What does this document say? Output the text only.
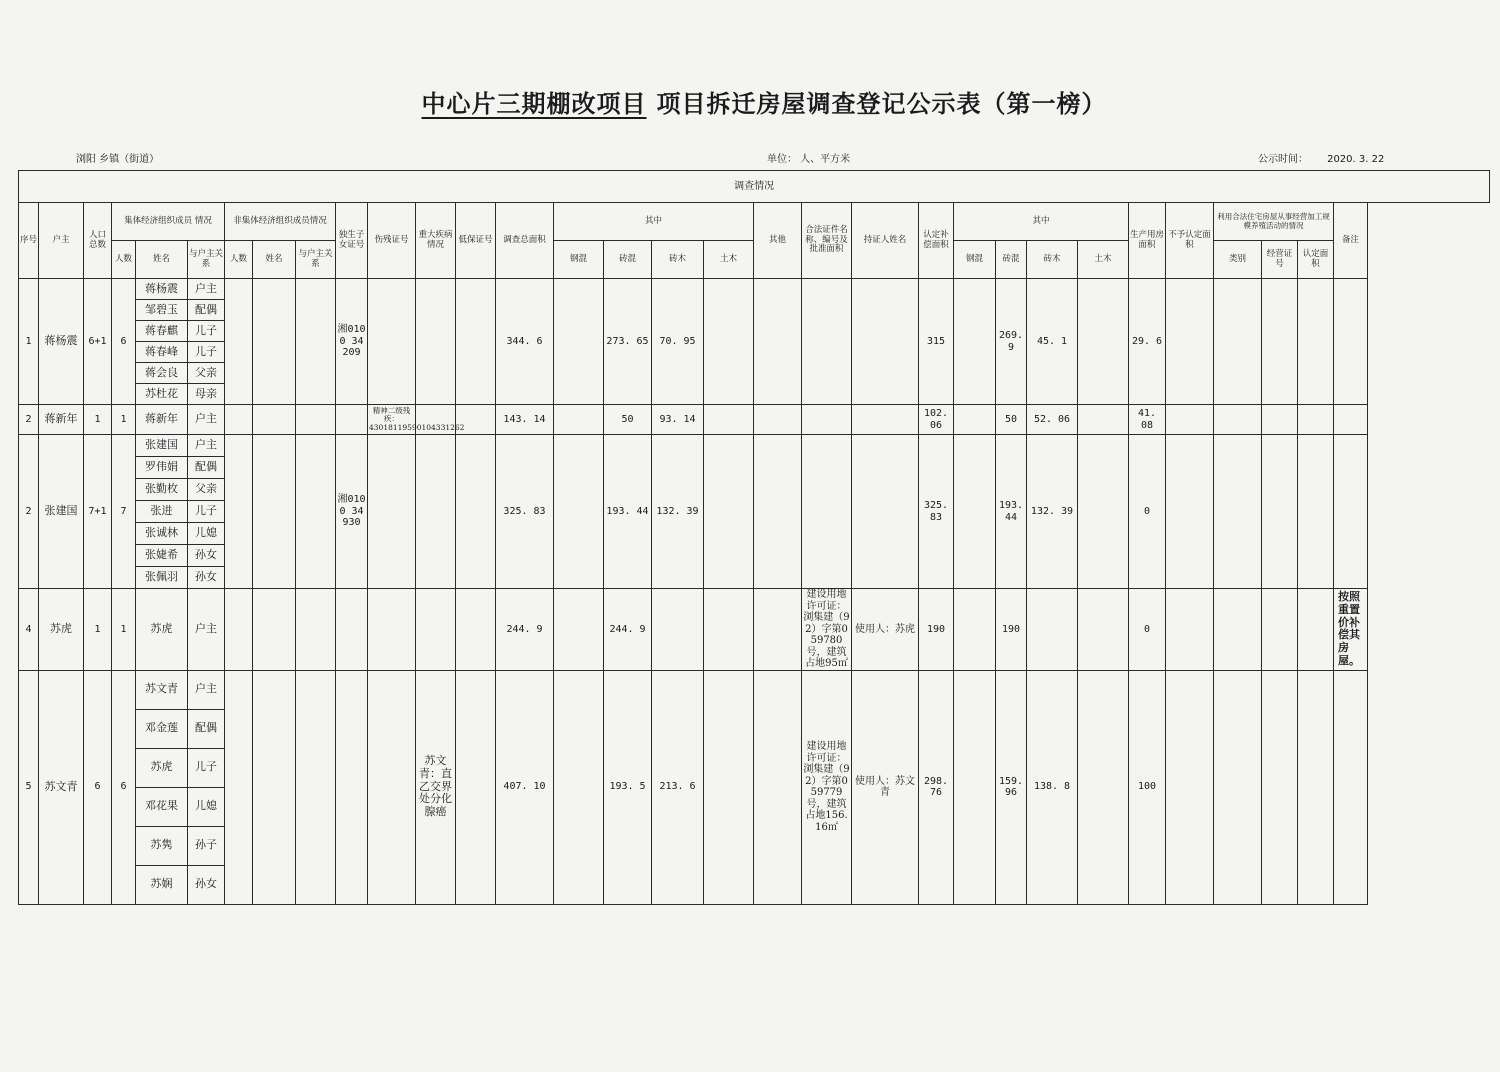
中心片三期棚改项目 项目拆迁房屋调查登记公示表（第一榜）
浏阳 乡镇（街道）	单位： 人、平方米	公示时间： 2020. 3. 22
调查情况																															
序号	户主	人口总数	集体经济组织成员 情况			非集体经济组织成员情况			独生子女证号	伤残证号	重大疾病情况	低保证号	调查总面积	其中				其他	合法证件名称、编号及批准面积	持证人姓名	认定补偿面积	其中				生产用房面积	不予认定面积	利用合法住宅房屋从事经营加工规模养殖活动的情况			备注
			人数	姓名	与户主关系	人数	姓名	与户主关系						钢混	砖混	砖木	土木					钢混	砖混	砖木	土木			类别	经营证号	认定面积	
1	蒋杨震	6+1	6	蒋杨震	户主				湘0100 34209				344. 6		273. 65	70. 95					315		269. 9	45. 1		29. 6					
				邹碧玉	配偶																										
				蒋春麒	儿子																										
				蒋春峰	儿子																										
				蒋会良	父亲																										
				苏杜花	母亲																										
2	蒋新年	1	1	蒋新年	户主					精神二级残疾：43018119590104331262			143. 14		50	93. 14					102. 06		50	52. 06		41. 08					
2	张建国	7+1	7	张建国	户主				湘0100 34930				325. 83		193. 44	132. 39					325. 83		193. 44	132. 39		0					
				罗伟娟	配偶																										
				张勤枚	父亲																										
				张进	儿子																										
				张诚林	儿媳																										
				张婕希	孙女																										
				张佩羽	孙女																										
4	苏虎	1	1	苏虎	户主								244. 9		244. 9				建设用地许可证：浏集建（92）字第059780号，建筑占地95㎡	使用人：苏虎	190		190			0					按照重置价补偿其房屋。
5	苏文青	6	6	苏文青	户主						苏文青：直乙交界处分化腺癌		407. 10		193. 5	213. 6			建设用地许可证：浏集建（92）字第059779号，建筑占地156. 16㎡	使用人：苏文青	298. 76		159. 96	138. 8		100					
				邓金莲	配偶																										
				苏虎	儿子																										
				邓花果	儿媳																										
				苏隽	孙子																										
				苏娴	孙女																										
